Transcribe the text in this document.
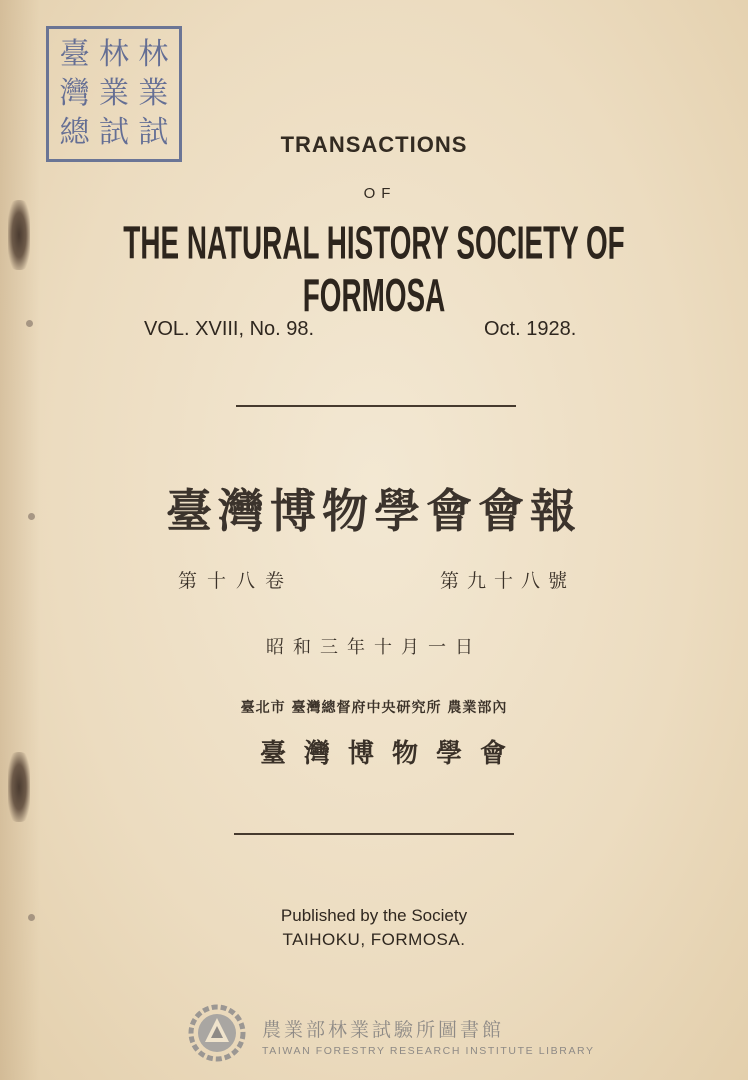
臺 林 林
灣 業 業
總 試 試	TRANSACTIONS
OF
THE NATURAL HISTORY SOCIETY OF FORMOSA
VOL. XVIII, No. 98.	Oct. 1928.
臺灣博物學會會報
第十八卷	第九十八號
昭和三年十月一日
臺北市 臺灣總督府中央研究所 農業部內
臺灣博物學會
Published by the Society
TAIHOKU, FORMOSA.
農業部林業試驗所圖書館
TAIWAN FORESTRY RESEARCH INSTITUTE LIBRARY
